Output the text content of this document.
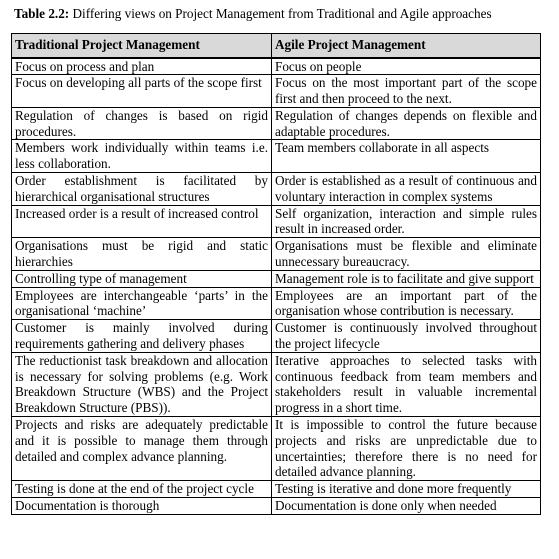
Table 2.2: Differing views on Project Management from Traditional and Agile approaches
Traditional Project Management	Agile Project Management
Focus on process and plan	Focus on people
Focus on developing all parts of the scope first	Focus on the most important part of the scope first and then proceed to the next.
Regulation of changes is based on rigid procedures.	Regulation of changes depends on flexible and adaptable procedures.
Members work individually within teams i.e. less collaboration.	Team members collaborate in all aspects
Order establishment is facilitated by hierarchical organisational structures	Order is established as a result of continuous and voluntary interaction in complex systems
Increased order is a result of increased control	Self organization, interaction and simple rules result in increased order.
Organisations must be rigid and static hierarchies	Organisations must be flexible and eliminate unnecessary bureaucracy.
Controlling type of management	Management role is to facilitate and give support
Employees are interchangeable ‘parts’ in the organisational ‘machine’	Employees are an important part of the organisation whose contribution is necessary.
Customer is mainly involved during requirements gathering and delivery phases	Customer is continuously involved throughout the project lifecycle
The reductionist task breakdown and allocation is necessary for solving problems (e.g. Work Breakdown Structure (WBS) and the Project Breakdown Structure (PBS)).	Iterative approaches to selected tasks with continuous feedback from team members and stakeholders result in valuable incremental progress in a short time.
Projects and risks are adequately predictable and it is possible to manage them through detailed and complex advance planning.	It is impossible to control the future because projects and risks are unpredictable due to uncertainties; therefore there is no need for detailed advance planning.
Testing is done at the end of the project cycle	Testing is iterative and done more frequently
Documentation is thorough	Documentation is done only when needed
